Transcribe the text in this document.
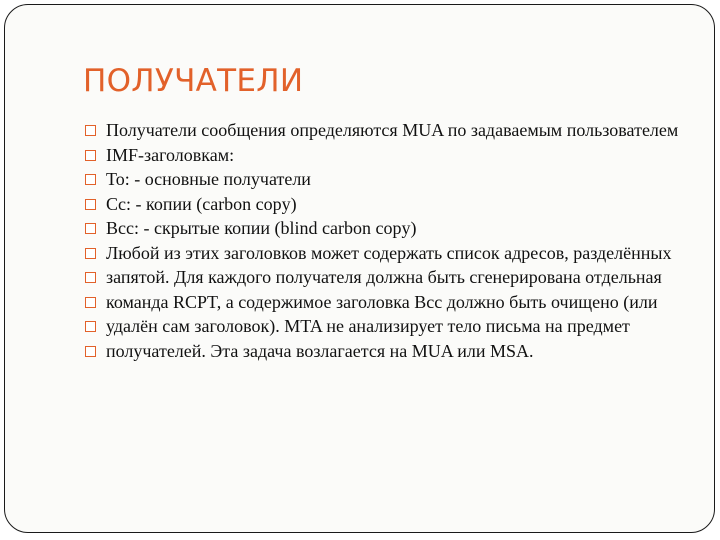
ПОЛУЧАТЕЛИ
Получатели сообщения определяются MUA по задаваемым пользователем
IMF-заголовкам:
To: - основные получатели
Cc: - копии (carbon copy)
Bcc: - скрытые копии (blind carbon copy)
Любой из этих заголовков может содержать список адресов, разделённых
запятой. Для каждого получателя должна быть сгенерирована отдельная
команда RCPT, а содержимое заголовка Bcc должно быть очищено (или
удалён сам заголовок). MTA не анализирует тело письма на предмет
получателей. Эта задача возлагается на MUA или MSA.
